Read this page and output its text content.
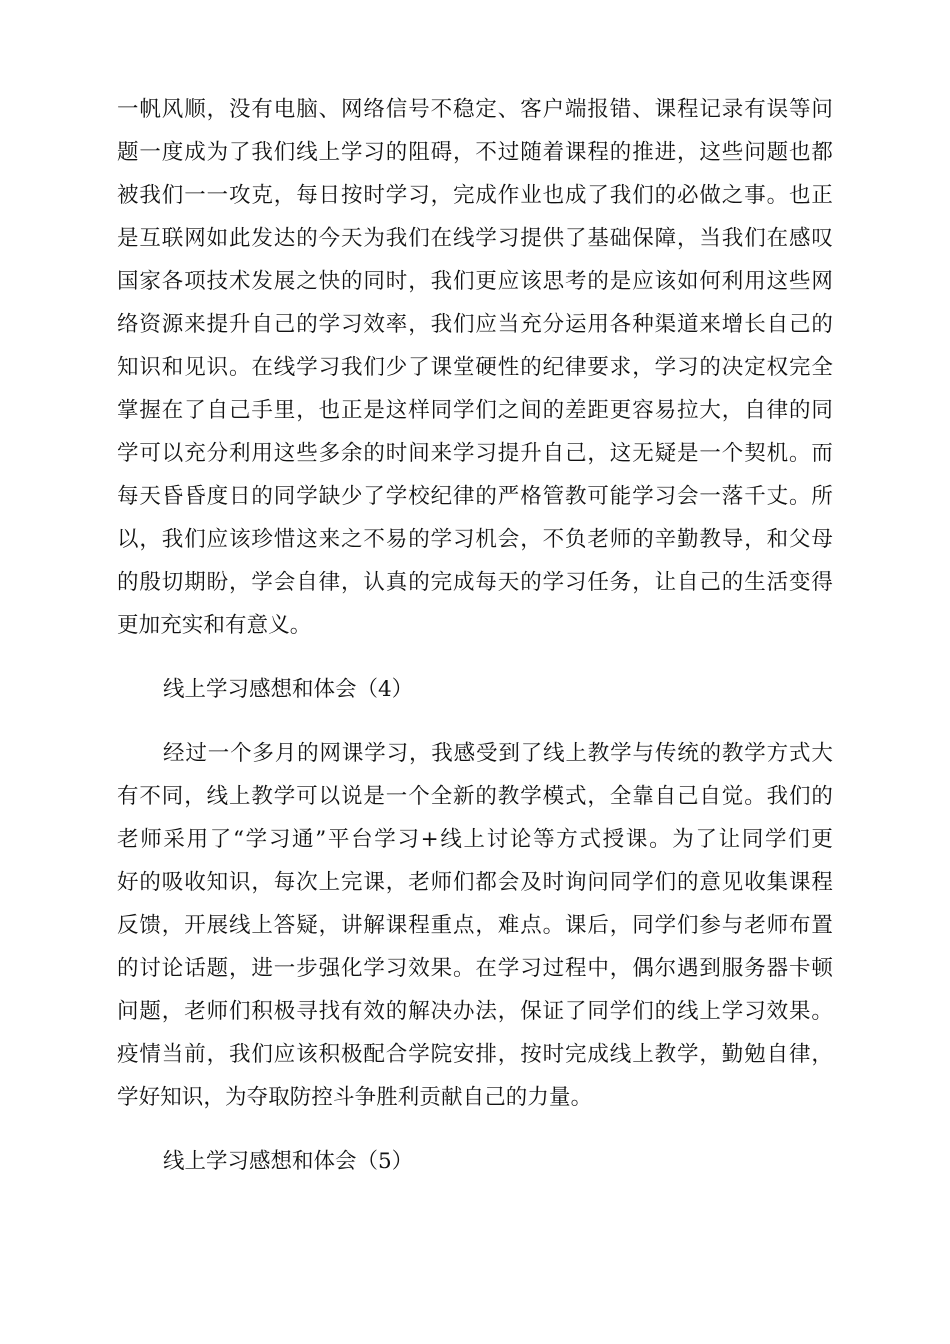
一帆风顺，没有电脑、网络信号不稳定、客户端报错、课程记录有误等问
题一度成为了我们线上学习的阻碍，不过随着课程的推进，这些问题也都
被我们一一攻克，每日按时学习，完成作业也成了我们的必做之事。也正
是互联网如此发达的今天为我们在线学习提供了基础保障，当我们在感叹
国家各项技术发展之快的同时，我们更应该思考的是应该如何利用这些网
络资源来提升自己的学习效率，我们应当充分运用各种渠道来增长自己的
知识和见识。在线学习我们少了课堂硬性的纪律要求，学习的决定权完全
掌握在了自己手里，也正是这样同学们之间的差距更容易拉大，自律的同
学可以充分利用这些多余的时间来学习提升自己，这无疑是一个契机。而
每天昏昏度日的同学缺少了学校纪律的严格管教可能学习会一落千丈。所
以，我们应该珍惜这来之不易的学习机会，不负老师的辛勤教导，和父母
的殷切期盼，学会自律，认真的完成每天的学习任务，让自己的生活变得
更加充实和有意义。
线上学习感想和体会（4）
经过一个多月的网课学习，我感受到了线上教学与传统的教学方式大
有不同，线上教学可以说是一个全新的教学模式，全靠自己自觉。我们的
老师采用了“学习通”平台学习+线上讨论等方式授课。为了让同学们更
好的吸收知识，每次上完课，老师们都会及时询问同学们的意见收集课程
反馈，开展线上答疑，讲解课程重点，难点。课后，同学们参与老师布置
的讨论话题，进一步强化学习效果。在学习过程中，偶尔遇到服务器卡顿
问题，老师们积极寻找有效的解决办法，保证了同学们的线上学习效果。
疫情当前，我们应该积极配合学院安排，按时完成线上教学，勤勉自律，
学好知识，为夺取防控斗争胜利贡献自己的力量。
线上学习感想和体会（5）
